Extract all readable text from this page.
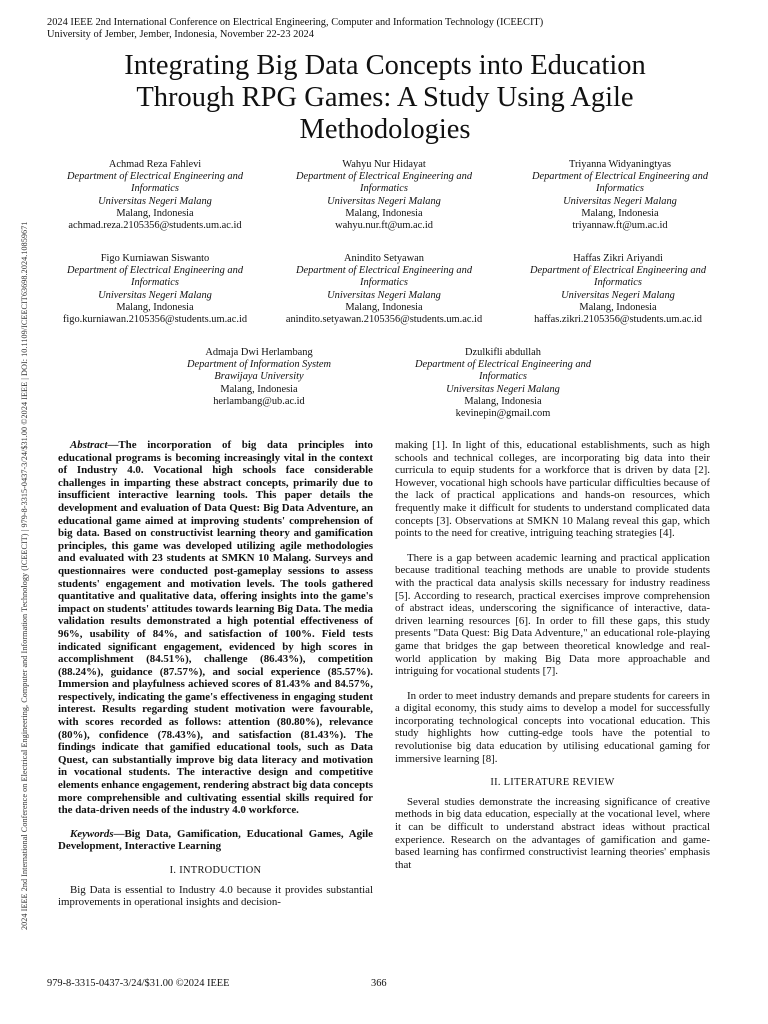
2024 IEEE 2nd International Conference on Electrical Engineering, Computer and Information Technology (ICEECIT)
University of Jember, Jember, Indonesia, November 22-23 2024
2024 IEEE 2nd International Conference on Electrical Engineering, Computer and Information Technology (ICEECIT) | 979-8-3315-0437-3/24/$31.00 ©2024 IEEE | DOI: 10.1109/ICEECIT63698.2024.10859671
Integrating Big Data Concepts into Education
Through RPG Games: A Study Using Agile
Methodologies
Achmad Reza Fahlevi
Department of Electrical Engineering and
Informatics
Universitas Negeri Malang
Malang, Indonesia
achmad.reza.2105356@students.um.ac.id
Wahyu Nur Hidayat
Department of Electrical Engineering and
Informatics
Universitas Negeri Malang
Malang, Indonesia
wahyu.nur.ft@um.ac.id
Triyanna Widyaningtyas
Department of Electrical Engineering and
Informatics
Universitas Negeri Malang
Malang, Indonesia
triyannaw.ft@um.ac.id
Figo Kurniawan Siswanto
Department of Electrical Engineering and
Informatics
Universitas Negeri Malang
Malang, Indonesia
figo.kurniawan.2105356@students.um.ac.id
Anindito Setyawan
Department of Electrical Engineering and
Informatics
Universitas Negeri Malang
Malang, Indonesia
anindito.setyawan.2105356@students.um.ac.id
Haffas Zikri Ariyandi
Department of Electrical Engineering and
Informatics
Universitas Negeri Malang
Malang, Indonesia
haffas.zikri.2105356@students.um.ac.id
Admaja Dwi Herlambang
Department of Information System
Brawijaya University
Malang, Indonesia
herlambang@ub.ac.id
Dzulkifli abdullah
Department of Electrical Engineering and
Informatics
Universitas Negeri Malang
Malang, Indonesia
kevinepin@gmail.com

Abstract—The incorporation of big data principles into educational programs is becoming increasingly vital in the context of Industry 4.0. Vocational high schools face considerable challenges in imparting these abstract concepts, primarily due to insufficient interactive learning tools. This paper details the development and evaluation of Data Quest: Big Data Adventure, an educational game aimed at improving students' comprehension of big data. Based on constructivist learning theory and gamification principles, this game was developed utilizing agile methodologies and evaluated with 23 students at SMKN 10 Malang. Surveys and questionnaires were conducted post-gameplay sessions to assess students' engagement and motivation levels. The tools gathered quantitative and qualitative data, offering insights into the game's impact on students' attitudes towards learning Big Data. The media validation results demonstrated a high potential effectiveness of 96%, usability of 84%, and satisfaction of 100%. Field tests indicated significant engagement, evidenced by high scores in accomplishment (84.51%), challenge (86.43%), competition (88.24%), guidance (87.57%), and social experience (85.57%). Immersion and playfulness achieved scores of 81.43% and 84.57%, respectively, indicating the game's effectiveness in engaging student interest. Results regarding student motivation were favourable, with scores recorded as follows: attention (80.80%), relevance (80%), confidence (78.43%), and satisfaction (81.43%). The findings indicate that gamified educational tools, such as Data Quest, can substantially improve big data literacy and motivation in vocational students. The interactive design and competitive elements enhance engagement, rendering abstract big data concepts more comprehensible and cultivating essential skills required for the data-driven needs of the industry 4.0 workforce.

Keywords—Big Data, Gamification, Educational Games, Agile Development, Interactive Learning

I. INTRODUCTION

Big Data is essential to Industry 4.0 because it provides substantial improvements in operational insights and decision-

making [1]. In light of this, educational establishments, such as high schools and technical colleges, are incorporating big data into their curricula to equip students for a workforce that is driven by data [2]. However, vocational high schools have particular difficulties because of the lack of practical applications and hands-on resources, which frequently make it difficult for students to understand complicated data concepts [3]. Observations at SMKN 10 Malang reveal this gap, which points to the need for creative, intriguing teaching strategies [4].

There is a gap between academic learning and practical application because traditional teaching methods are unable to provide students with the practical data analysis skills necessary for industry readiness [5]. According to research, practical exercises improve comprehension of abstract ideas, underscoring the significance of interactive, data-driven learning resources [6]. In order to fill these gaps, this study presents "Data Quest: Big Data Adventure," an educational role-playing game that bridges the gap between theoretical knowledge and real-world application by making Big Data more approachable and intriguing for vocational students [7].

In order to meet industry demands and prepare students for careers in a digital economy, this study aims to develop a model for successfully incorporating technological concepts into vocational education. This study highlights how cutting-edge tools have the potential to revolutionise big data education by utilising educational gaming for immersive learning [8].

II. LITERATURE REVIEW

Several studies demonstrate the increasing significance of creative methods in big data education, especially at the vocational level, where it can be difficult to understand abstract ideas without practical experience. Research on the advantages of gamification and game-based learning has confirmed constructivist learning theories' emphasis that

979-8-3315-0437-3/24/$31.00 ©2024 IEEE	366
